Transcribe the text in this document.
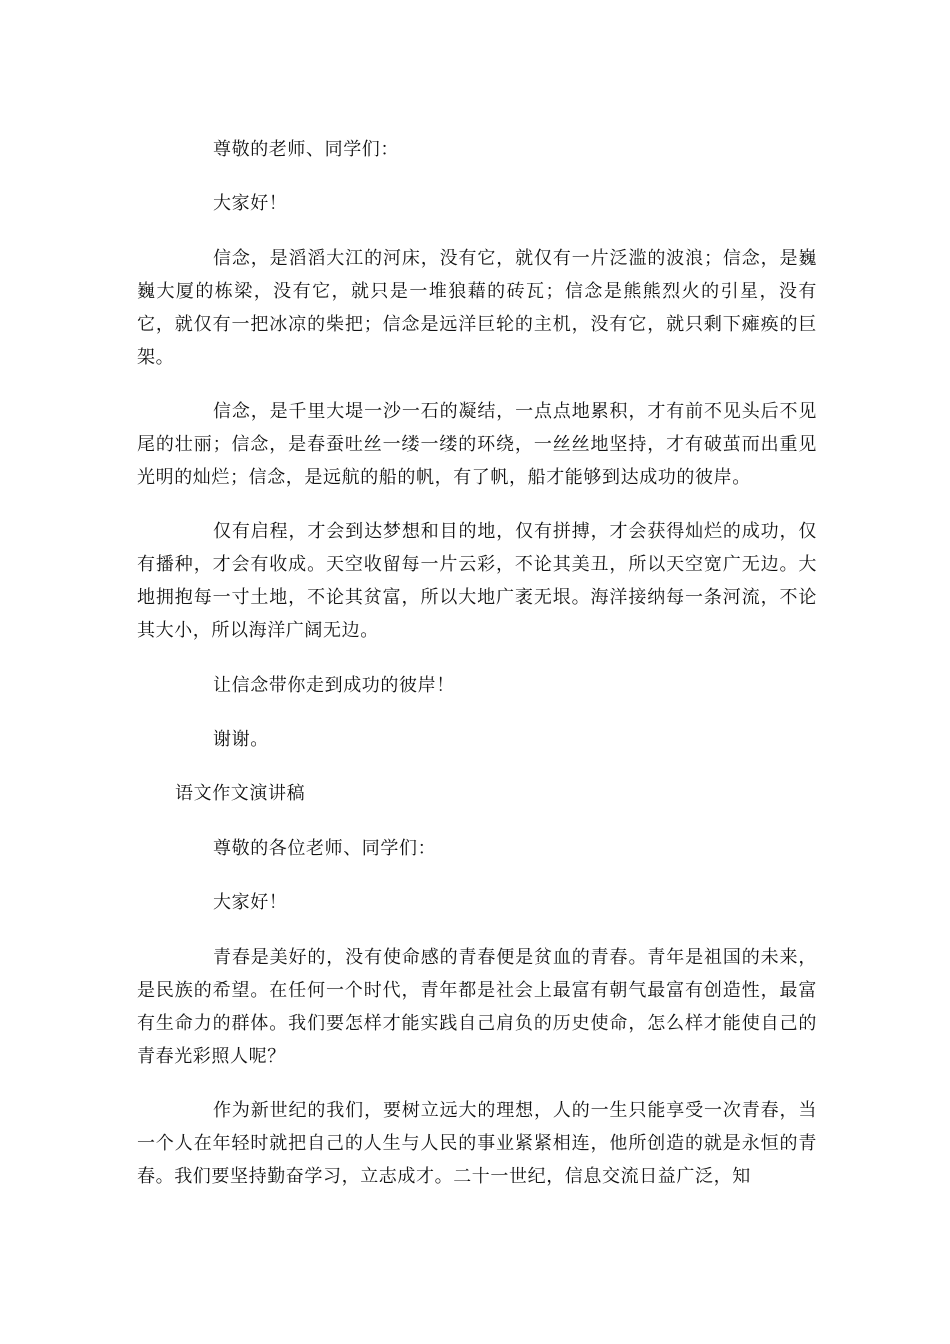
尊敬的老师、同学们：

大家好！

信念，是滔滔大江的河床，没有它，就仅有一片泛滥的波浪；信念，是巍巍大厦的栋梁，没有它，就只是一堆狼藉的砖瓦；信念是熊熊烈火的引星，没有它，就仅有一把冰凉的柴把；信念是远洋巨轮的主机，没有它，就只剩下瘫痪的巨架。

信念，是千里大堤一沙一石的凝结，一点点地累积，才有前不见头后不见尾的壮丽；信念，是春蚕吐丝一缕一缕的环绕，一丝丝地坚持，才有破茧而出重见光明的灿烂；信念，是远航的船的帆，有了帆，船才能够到达成功的彼岸。

仅有启程，才会到达梦想和目的地，仅有拼搏，才会获得灿烂的成功，仅有播种，才会有收成。天空收留每一片云彩，不论其美丑，所以天空宽广无边。大地拥抱每一寸土地，不论其贫富，所以大地广袤无垠。海洋接纳每一条河流，不论其大小，所以海洋广阔无边。

让信念带你走到成功的彼岸！

谢谢。

语文作文演讲稿

尊敬的各位老师、同学们：

大家好！

青春是美好的，没有使命感的青春便是贫血的青春。青年是祖国的未来，是民族的希望。在任何一个时代，青年都是社会上最富有朝气最富有创造性，最富有生命力的群体。我们要怎样才能实践自己肩负的历史使命，怎么样才能使自己的青春光彩照人呢？

作为新世纪的我们，要树立远大的理想，人的一生只能享受一次青春，当一个人在年轻时就把自己的人生与人民的事业紧紧相连，他所创造的就是永恒的青春。我们要坚持勤奋学习，立志成才。二十一世纪，信息交流日益广泛，知
